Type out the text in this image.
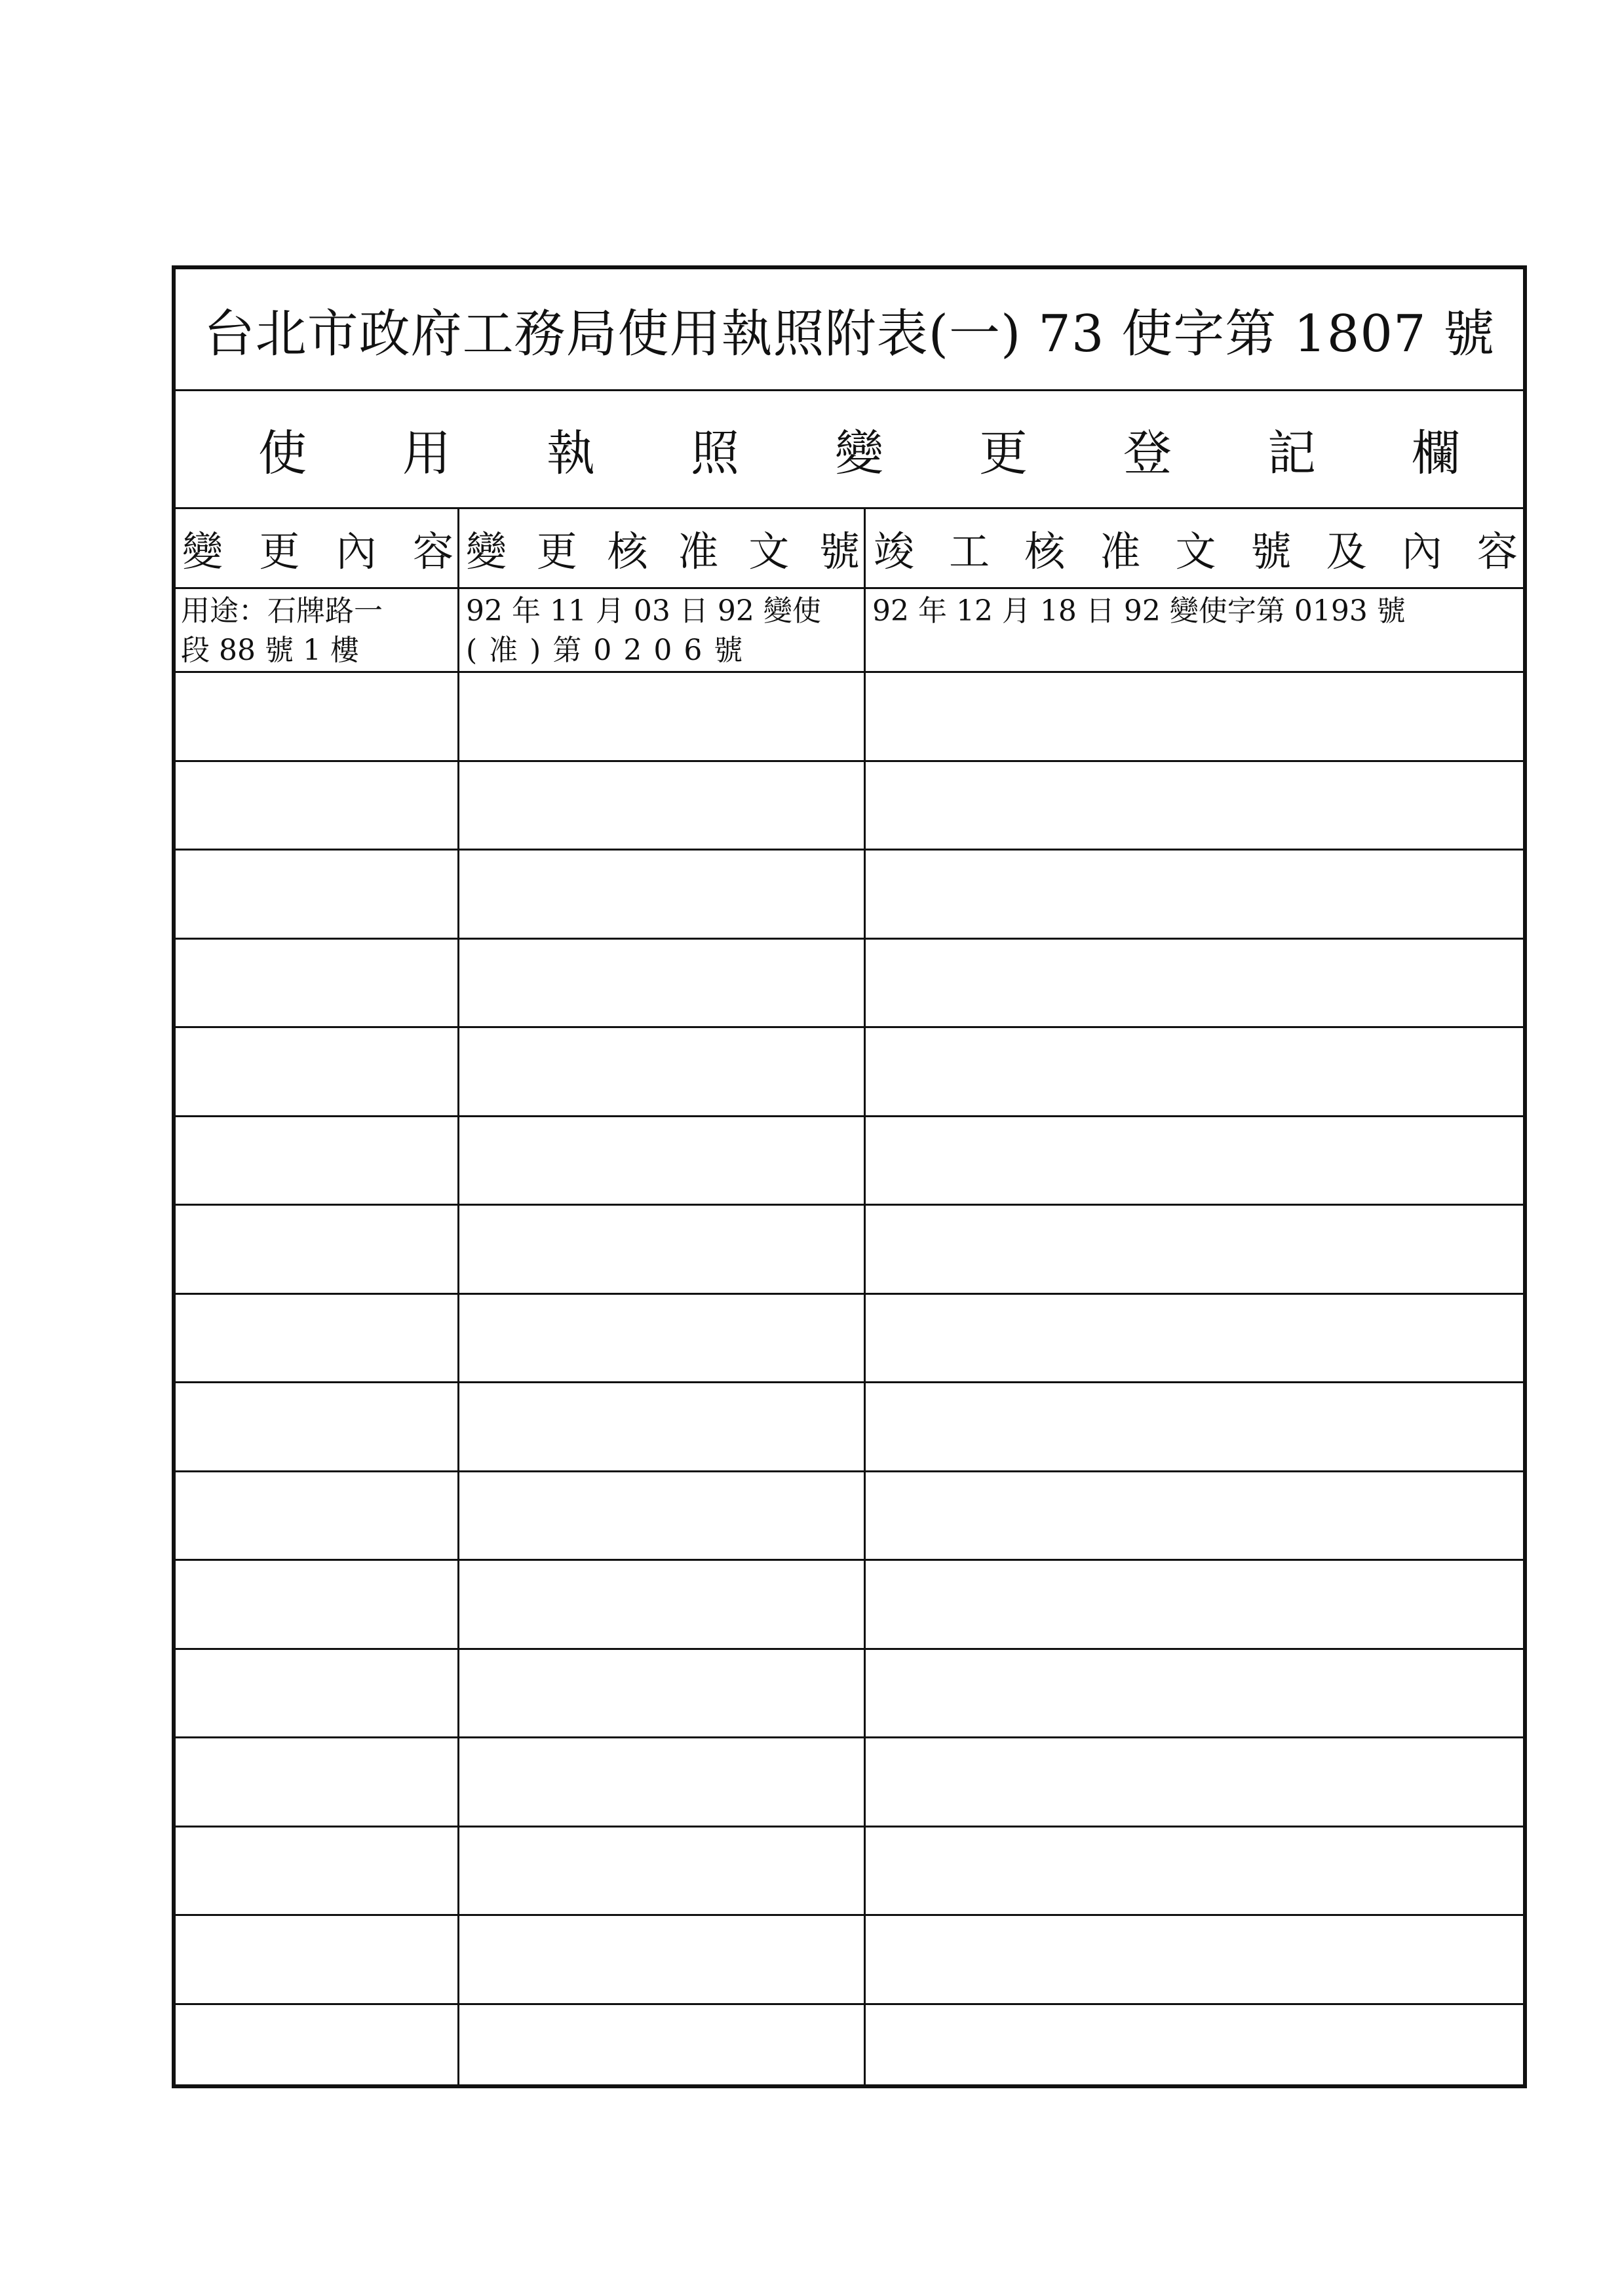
台北市政府工務局使用執照附表(一) 73 使字第 1807 號
使 用 執 照 變 更 登 記 欄
變 更 內 容 變 更 核 准 文 號 竣 工 核 准 文 號 及 內 容
用途：石牌路一
段 88 號 1 樓
92 年 11 月 03 日 92 變使
(准)第0206號
92 年 12 月 18 日 92 變使字第 0193 號
